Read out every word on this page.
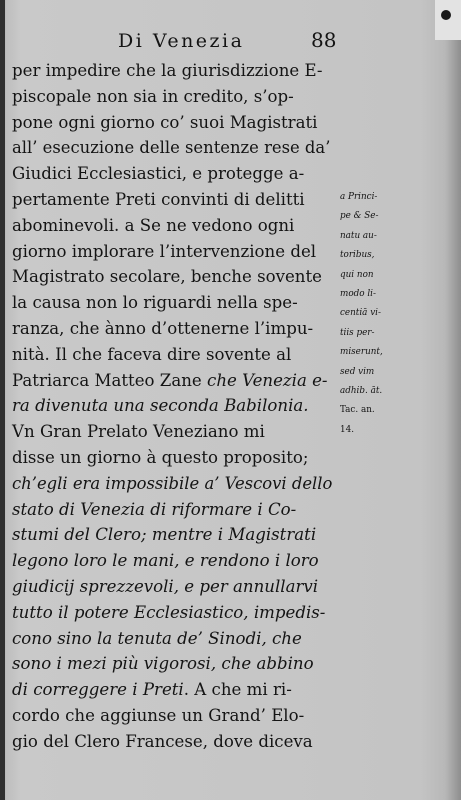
Di Venezia	88
per impedire che la giurisdizzione E-
piscopale non sia in credito, s’op-
pone ogni giorno co’ suoi Magistrati
all’ esecuzione delle sentenze rese da’
Giudici Ecclesiastici, e protegge a-
pertamente Preti convinti di delitti
abominevoli. a Se ne vedono ogni
giorno implorare l’intervenzione del
Magistrato secolare, benche sovente
la causa non lo riguardi nella spe-
ranza, che ànno d’ottenerne l’impu-
nità. Il che faceva dire sovente al
Patriarca Matteo Zane che Venezia e-
ra divenuta una seconda Babilonia.
Vn Gran Prelato Veneziano mi
disse un giorno à questo proposito;
ch’egli era impossibile a’ Vescovi dello
stato di Venezia di riformare i Co-
stumi del Clero; mentre i Magistrati
legono loro le mani, e rendono i loro
giudicij sprezzevoli, e per annullarvi
tutto il potere Ecclesiastico, impedis-
cono sino la tenuta de’ Sinodi, che
sono i mezi più vigorosi, che abbino
di correggere i Preti. A che mi ri-
cordo che aggiunse un Grand’ Elo-
gio del Clero Francese, dove diceva
a Princi-
pe & Se-
natu au-
toribus,
qui non
modo li-
centiā vi-
tiis per-
miserunt,
sed vim
adhib. āt.
Tac. an.
14.
